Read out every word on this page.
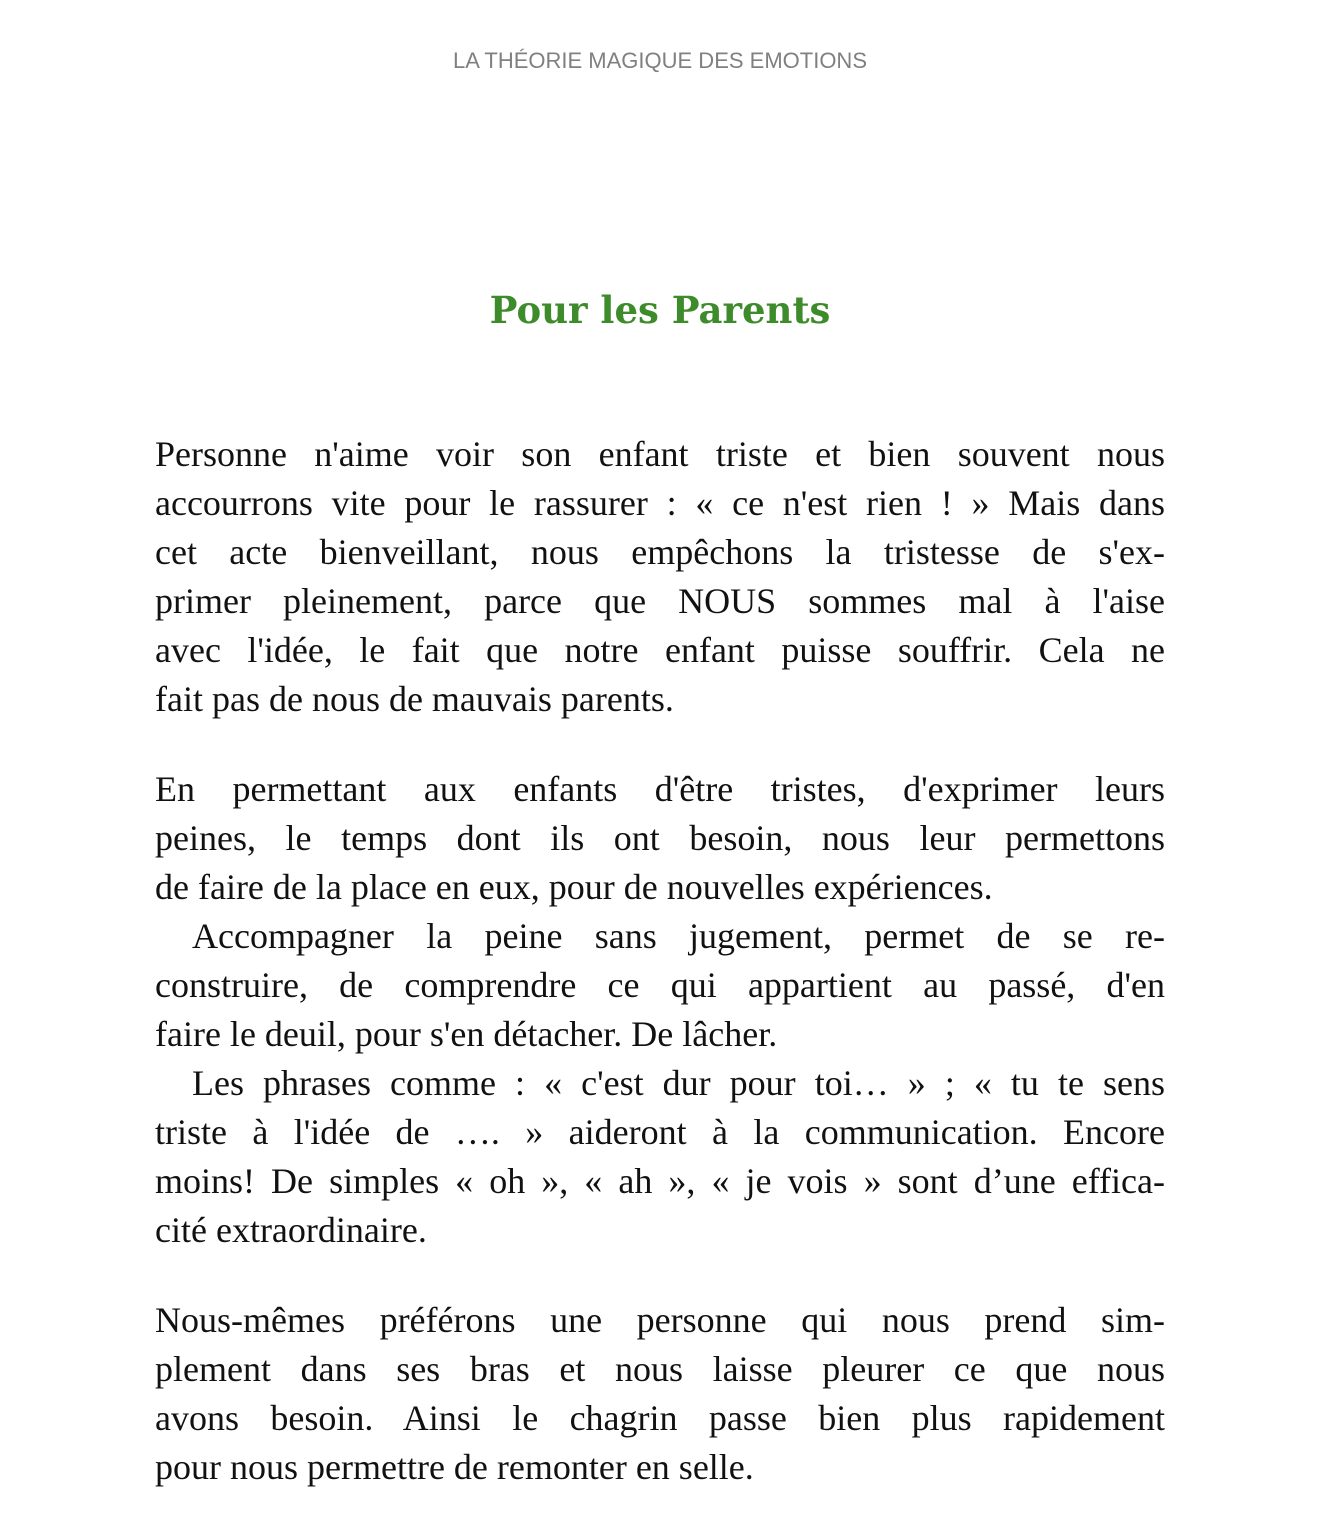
LA THÉORIE MAGIQUE DES EMOTIONS
Pour les Parents

Personne n'aime voir son enfant triste et bien souvent nous
accourrons vite pour le rassurer : « ce n'est rien ! » Mais dans
cet acte bienveillant, nous empêchons la tristesse de s'ex-
primer pleinement, parce que NOUS sommes mal à l'aise
avec l'idée, le fait que notre enfant puisse souffrir. Cela ne
fait pas de nous de mauvais parents.

En permettant aux enfants d'être tristes, d'exprimer leurs
peines, le temps dont ils ont besoin, nous leur permettons
de faire de la place en eux, pour de nouvelles expériences.

Accompagner la peine sans jugement, permet de se re-
construire, de comprendre ce qui appartient au passé, d'en
faire le deuil, pour s'en détacher. De lâcher.

Les phrases comme : « c'est dur pour toi… » ; « tu te sens
triste à l'idée de …. » aideront à la communication. Encore
moins! De simples « oh », « ah », « je vois » sont d’une effica-
cité extraordinaire.

Nous-mêmes préférons une personne qui nous prend sim-
plement dans ses bras et nous laisse pleurer ce que nous
avons besoin. Ainsi le chagrin passe bien plus rapidement
pour nous permettre de remonter en selle.
